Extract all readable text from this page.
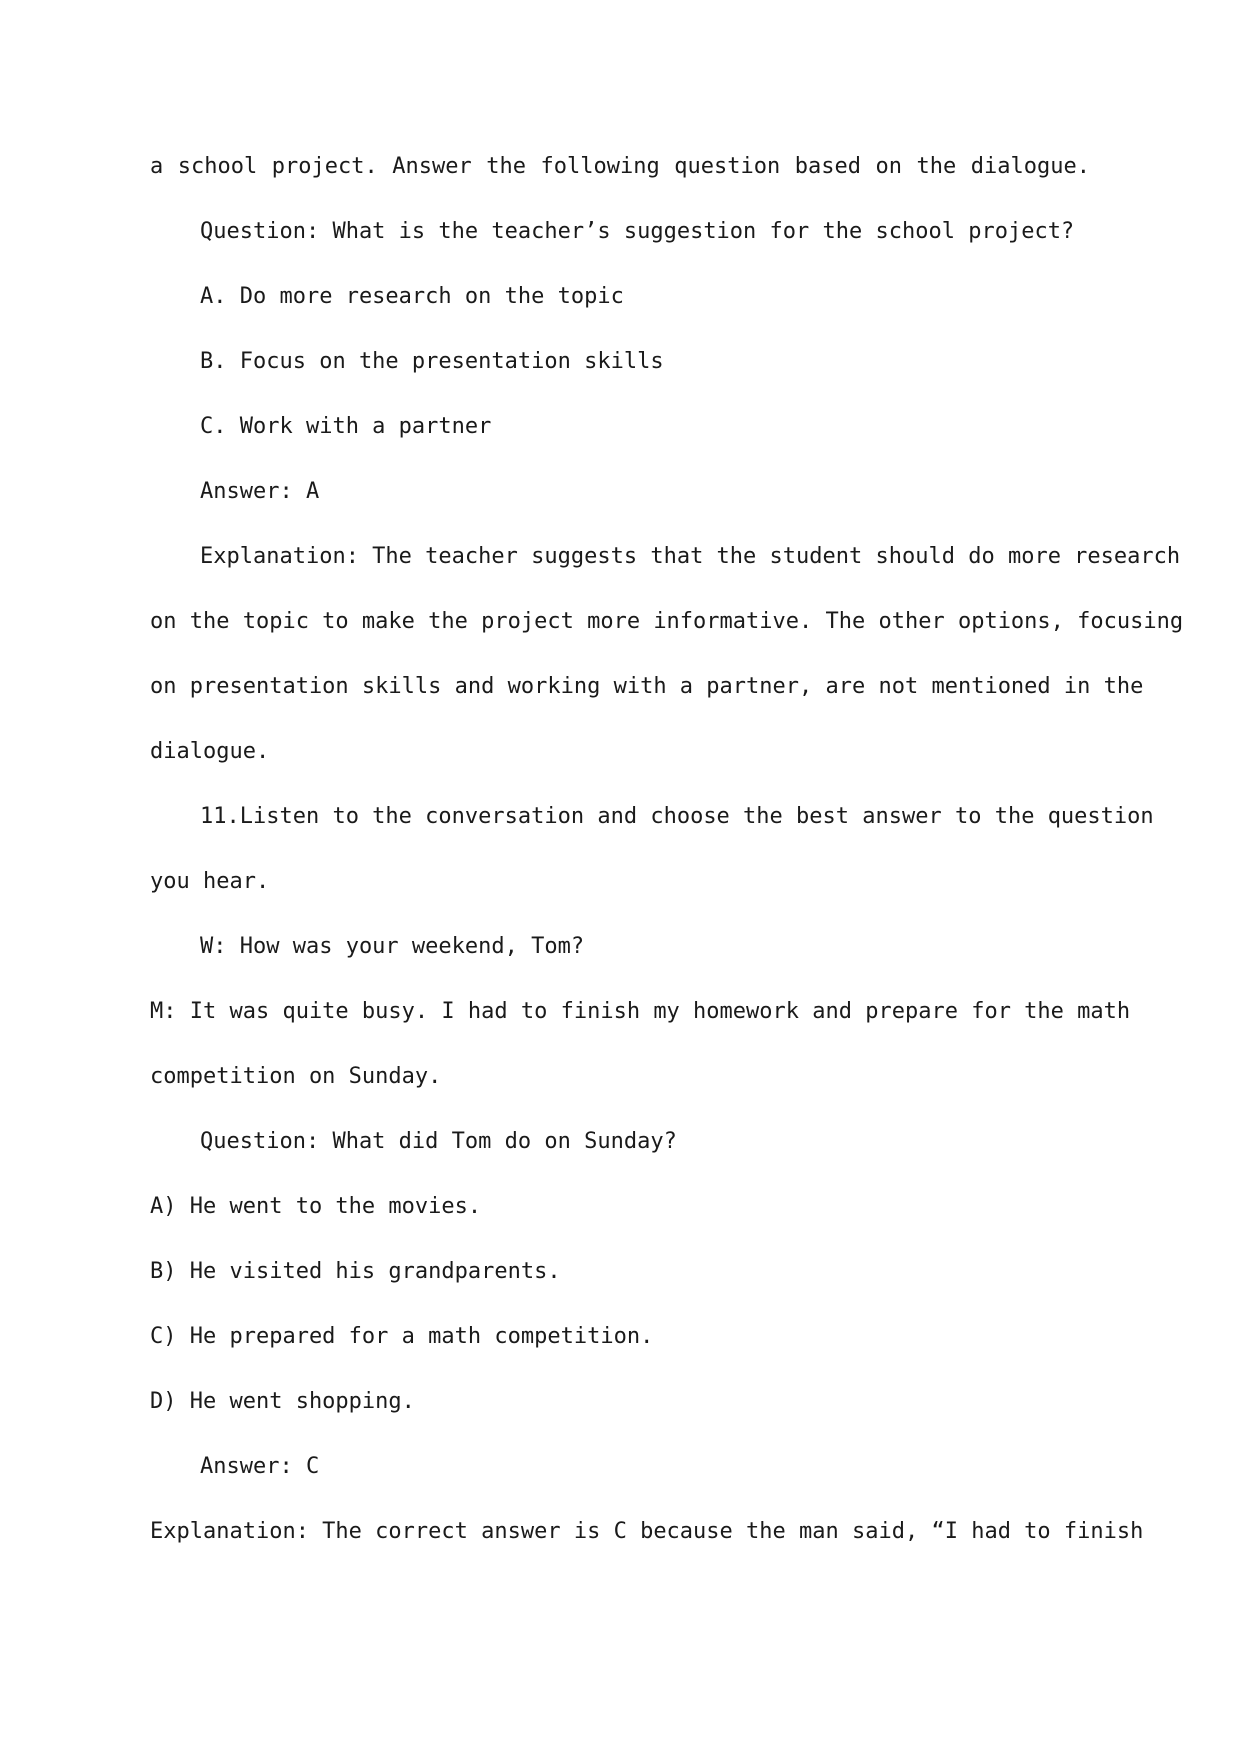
a school project. Answer the following question based on the dialogue.
Question: What is the teacher’s suggestion for the school project?
A. Do more research on the topic
B. Focus on the presentation skills
C. Work with a partner
Answer: A
Explanation: The teacher suggests that the student should do more research
on the topic to make the project more informative. The other options, focusing
on presentation skills and working with a partner, are not mentioned in the
dialogue.
11.Listen to the conversation and choose the best answer to the question
you hear.
W: How was your weekend, Tom?
M: It was quite busy. I had to finish my homework and prepare for the math
competition on Sunday.
Question: What did Tom do on Sunday?
A) He went to the movies.
B) He visited his grandparents.
C) He prepared for a math competition.
D) He went shopping.
Answer: C
Explanation: The correct answer is C because the man said, “I had to finish
